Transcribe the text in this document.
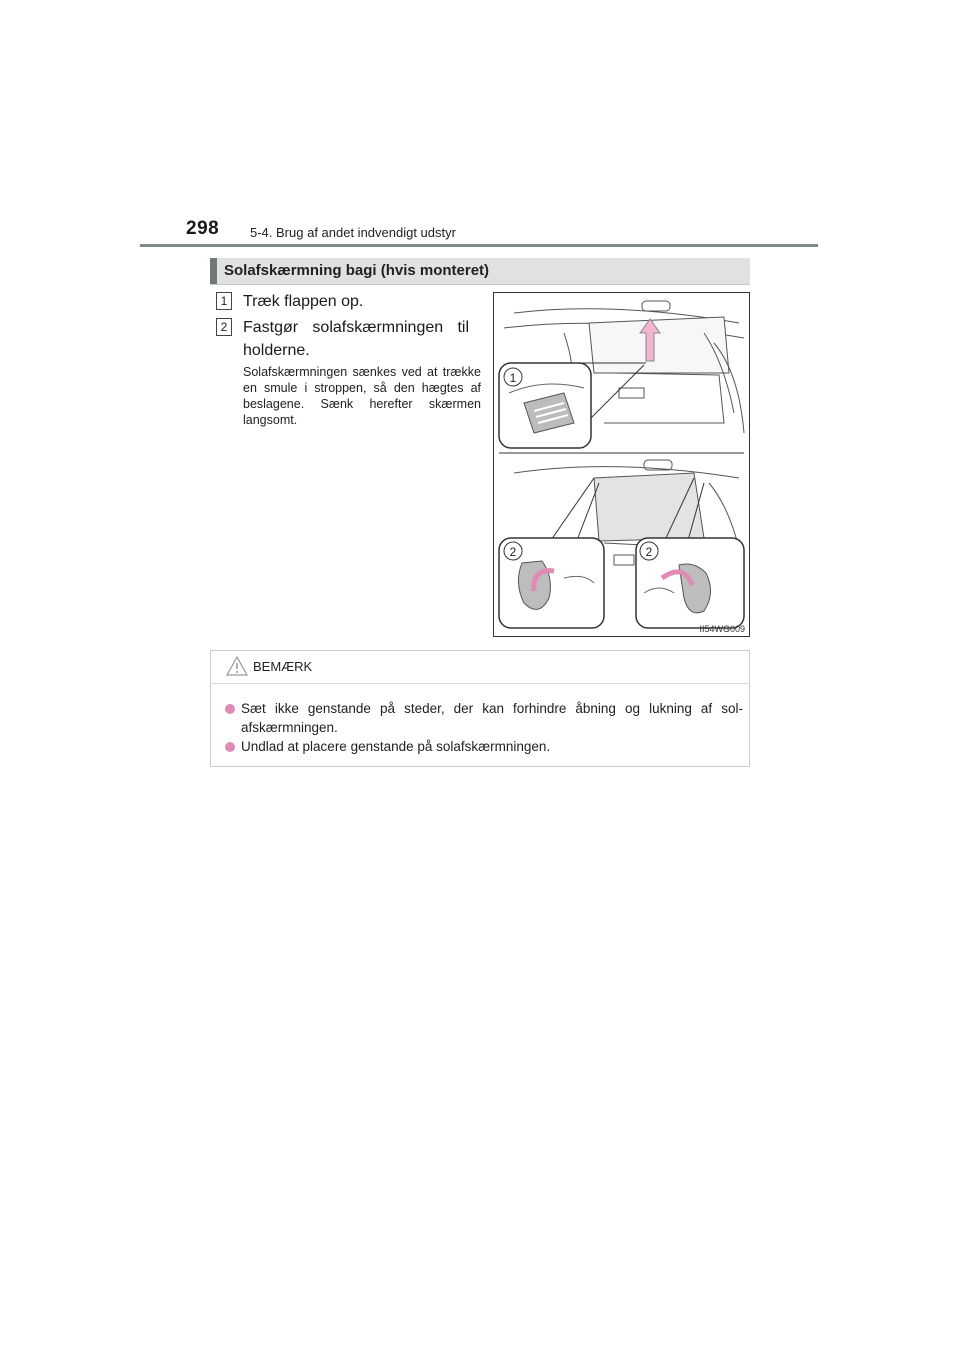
298 5-4. Brug af andet indvendigt udstyr
Solafskærmning bagi (hvis monteret)
1 Træk flappen op.
2 Fastgør solafskærmningen til
holderne.
Solafskærmningen sænkes ved at trække en smule i stroppen, så den hægtes af beslagene. Sænk herefter skærmen langsomt.
1
2	2
II54WG009
BEMÆRK
Sæt ikke genstande på steder, der kan forhindre åbning og lukning af sol-afskærmningen.
Undlad at placere genstande på solafskærmningen.
